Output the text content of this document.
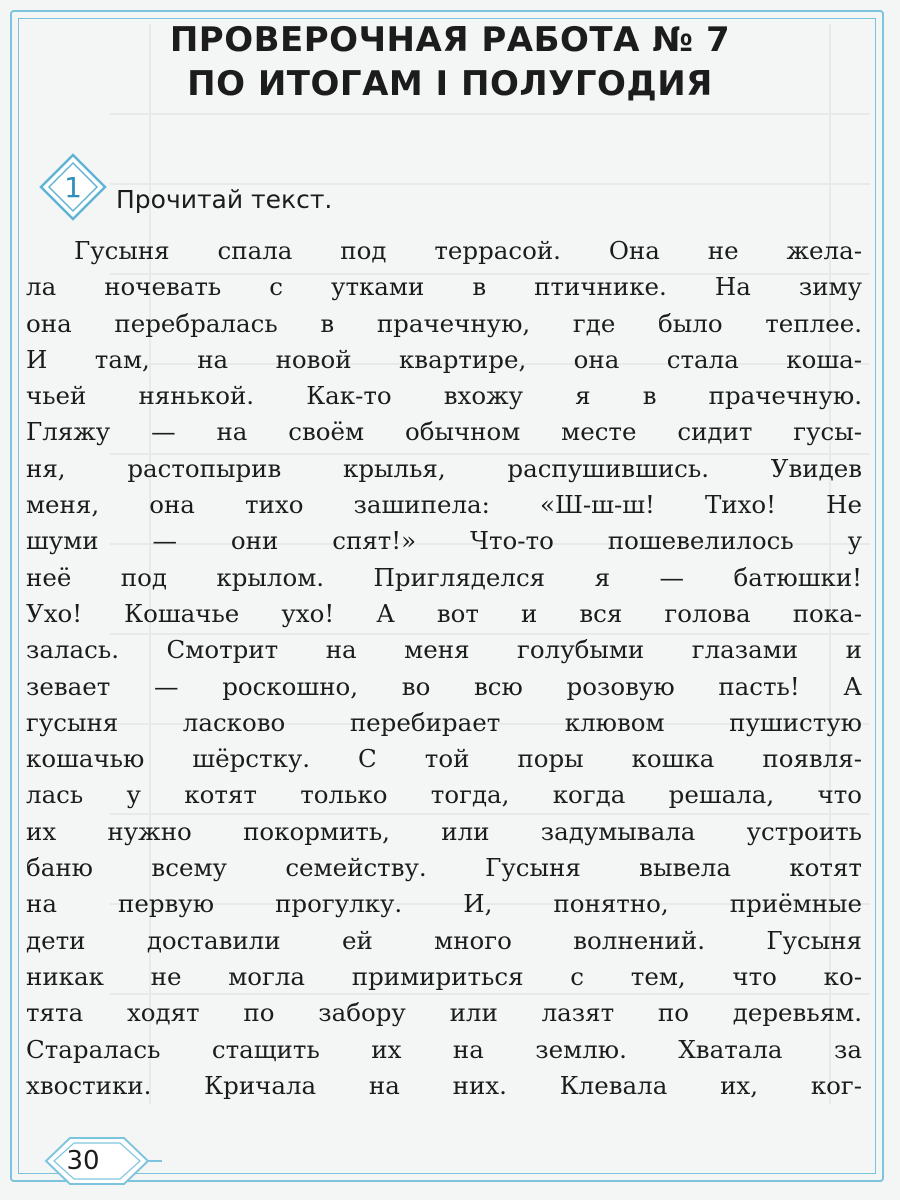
ПРОВЕРОЧНАЯ РАБОТА № 7
ПО ИТОГАМ I ПОЛУГОДИЯ
1 Прочитай текст.
Гусыня спала под террасой. Она не жела-
ла ночевать с утками в птичнике. На зиму
она перебралась в прачечную, где было теплее.
И там, на новой квартире, она стала коша-
чьей нянькой. Как-то вхожу я в прачечную.
Гляжу — на своём обычном месте сидит гусы-
ня, растопырив крылья, распушившись. Увидев
меня, она тихо зашипела: «Ш-ш-ш! Тихо! Не
шуми — они спят!» Что-то пошевелилось у
неё под крылом. Пригляделся я — батюшки!
Ухо! Кошачье ухо! А вот и вся голова пока-
залась. Смотрит на меня голубыми глазами и
зевает — роскошно, во всю розовую пасть! А
гусыня ласково перебирает клювом пушистую
кошачью шёрстку. С той поры кошка появля-
лась у котят только тогда, когда решала, что
их нужно покормить, или задумывала устроить
баню всему семейству. Гусыня вывела котят
на первую прогулку. И, понятно, приёмные
дети доставили ей много волнений. Гусыня
никак не могла примириться с тем, что ко-
тята ходят по забору или лазят по деревьям.
Старалась стащить их на землю. Хватала за
хвостики. Кричала на них. Клевала их, ког-
30
